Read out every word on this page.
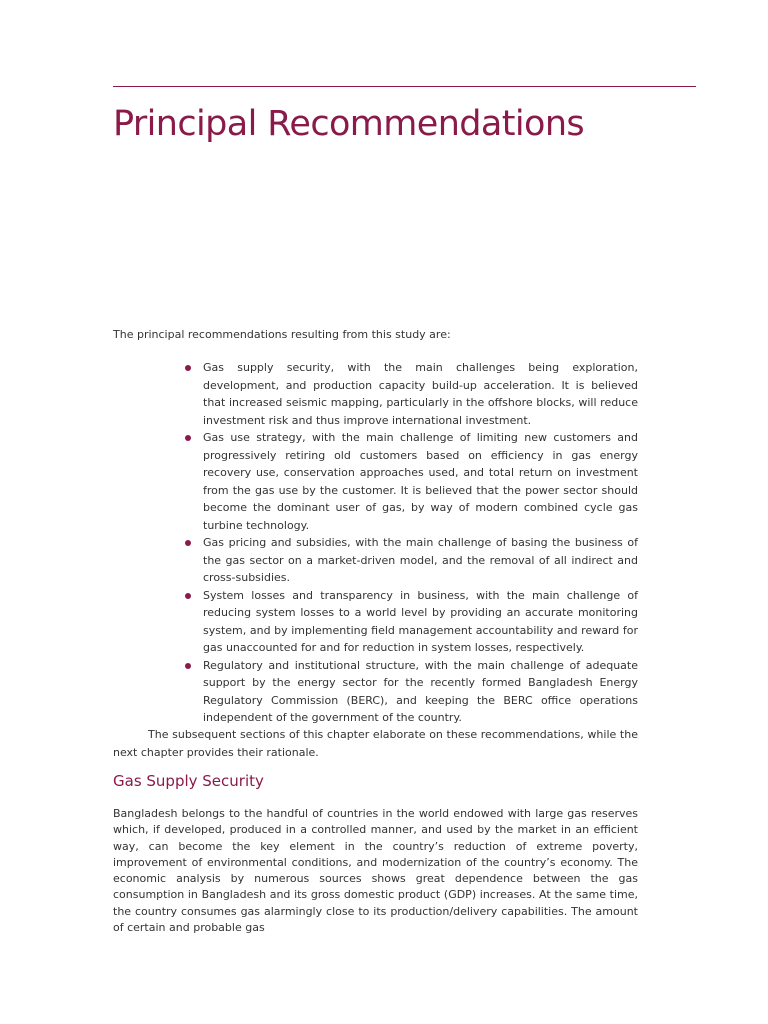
Principal Recommendations

The principal recommendations resulting from this study are:

Gas supply security, with the main challenges being exploration, development, and production capacity build-up acceleration. It is believed that increased seismic mapping, particularly in the offshore blocks, will reduce investment risk and thus improve international investment.
Gas use strategy, with the main challenge of limiting new customers and progressively retiring old customers based on efficiency in gas energy recovery use, conservation approaches used, and total return on investment from the gas use by the customer. It is believed that the power sector should become the dominant user of gas, by way of modern combined cycle gas turbine technology.
Gas pricing and subsidies, with the main challenge of basing the business of the gas sector on a market-driven model, and the removal of all indirect and cross-subsidies.
System losses and transparency in business, with the main challenge of reducing system losses to a world level by providing an accurate monitoring system, and by implementing field management accountability and reward for gas unaccounted for and for reduction in system losses, respectively.
Regulatory and institutional structure, with the main challenge of adequate support by the energy sector for the recently formed Bangladesh Energy Regulatory Commission (BERC), and keeping the BERC office operations independent of the government of the country.

The subsequent sections of this chapter elaborate on these recommendations, while the next chapter provides their rationale.

Gas Supply Security

Bangladesh belongs to the handful of countries in the world endowed with large gas reserves which, if developed, produced in a controlled manner, and used by the market in an efficient way, can become the key element in the country’s reduction of extreme poverty, improvement of environmental conditions, and modernization of the country’s economy. The economic analysis by numerous sources shows great dependence between the gas consumption in Bangladesh and its gross domestic product (GDP) increases. At the same time, the country consumes gas alarmingly close to its production/delivery capabilities. The amount of certain and probable gas
